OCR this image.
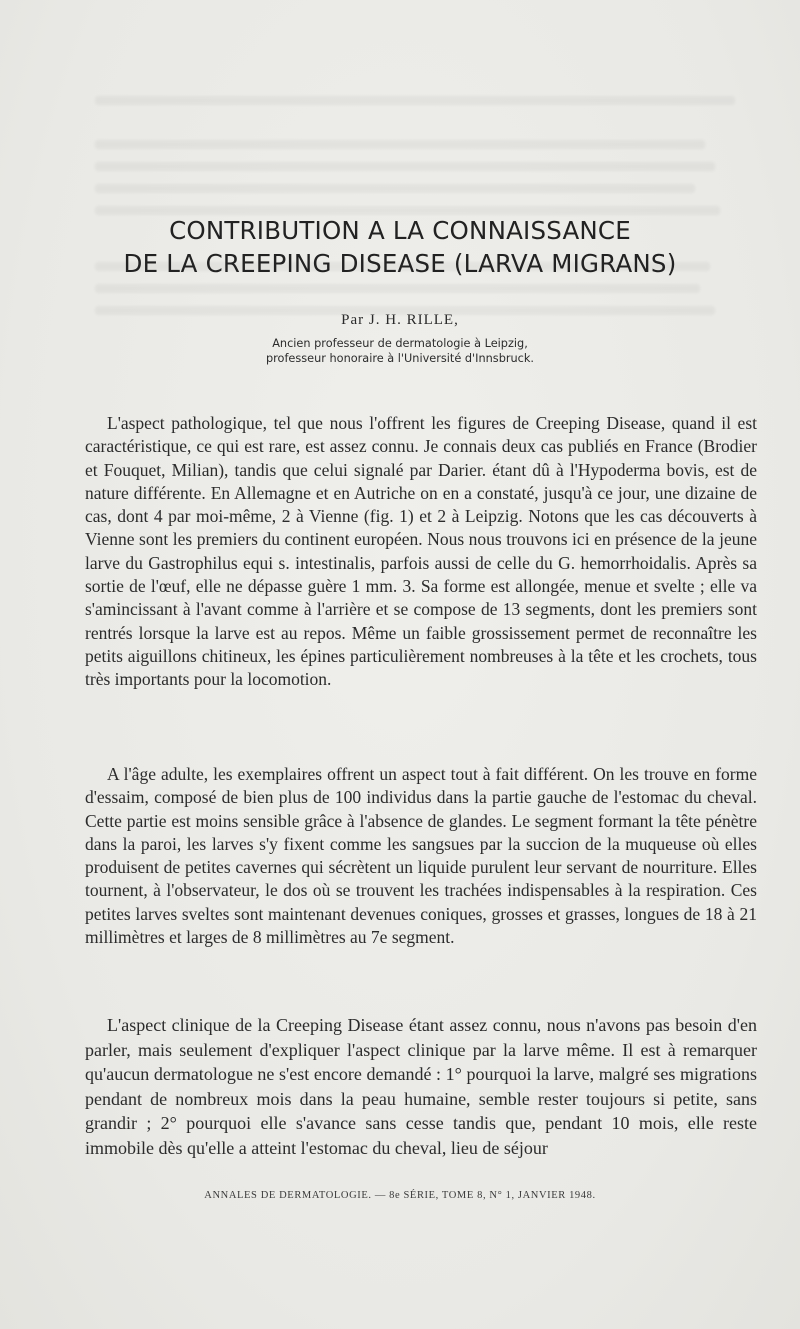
CONTRIBUTION A LA CONNAISSANCE
DE LA CREEPING DISEASE (LARVA MIGRANS)
Par J. H. RILLE,
Ancien professeur de dermatologie à Leipzig,
professeur honoraire à l'Université d'Innsbruck.

L'aspect pathologique, tel que nous l'offrent les figures de Creeping Disease, quand il est caractéristique, ce qui est rare, est assez connu. Je connais deux cas publiés en France (Brodier et Fouquet, Milian), tandis que celui signalé par Darier. étant dû à l'Hypoderma bovis, est de nature différente. En Allemagne et en Autriche on en a constaté, jusqu'à ce jour, une dizaine de cas, dont 4 par moi-même, 2 à Vienne (fig. 1) et 2 à Leipzig. Notons que les cas découverts à Vienne sont les premiers du continent européen. Nous nous trouvons ici en présence de la jeune larve du Gastrophilus equi s. intestinalis, parfois aussi de celle du G. hemorrhoidalis. Après sa sortie de l'œuf, elle ne dépasse guère 1 mm. 3. Sa forme est allongée, menue et svelte ; elle va s'amincissant à l'avant comme à l'arrière et se compose de 13 segments, dont les premiers sont rentrés lorsque la larve est au repos. Même un faible grossissement permet de reconnaître les petits aiguillons chitineux, les épines particulièrement nombreuses à la tête et les crochets, tous très importants pour la locomotion.

A l'âge adulte, les exemplaires offrent un aspect tout à fait différent. On les trouve en forme d'essaim, composé de bien plus de 100 individus dans la partie gauche de l'estomac du cheval. Cette partie est moins sensible grâce à l'absence de glandes. Le segment formant la tête pénètre dans la paroi, les larves s'y fixent comme les sangsues par la succion de la muqueuse où elles produisent de petites cavernes qui sécrètent un liquide purulent leur servant de nourriture. Elles tournent, à l'observateur, le dos où se trouvent les trachées indispensables à la respiration. Ces petites larves sveltes sont maintenant devenues coniques, grosses et grasses, longues de 18 à 21 millimètres et larges de 8 millimètres au 7e segment.

L'aspect clinique de la Creeping Disease étant assez connu, nous n'avons pas besoin d'en parler, mais seulement d'expliquer l'aspect clinique par la larve même. Il est à remarquer qu'aucun dermatologue ne s'est encore demandé : 1° pourquoi la larve, malgré ses migrations pendant de nombreux mois dans la peau humaine, semble rester toujours si petite, sans grandir ; 2° pourquoi elle s'avance sans cesse tandis que, pendant 10 mois, elle reste immobile dès qu'elle a atteint l'estomac du cheval, lieu de séjour

ANNALES DE DERMATOLOGIE. — 8e SÉRIE, TOME 8, N° 1, JANVIER 1948.
